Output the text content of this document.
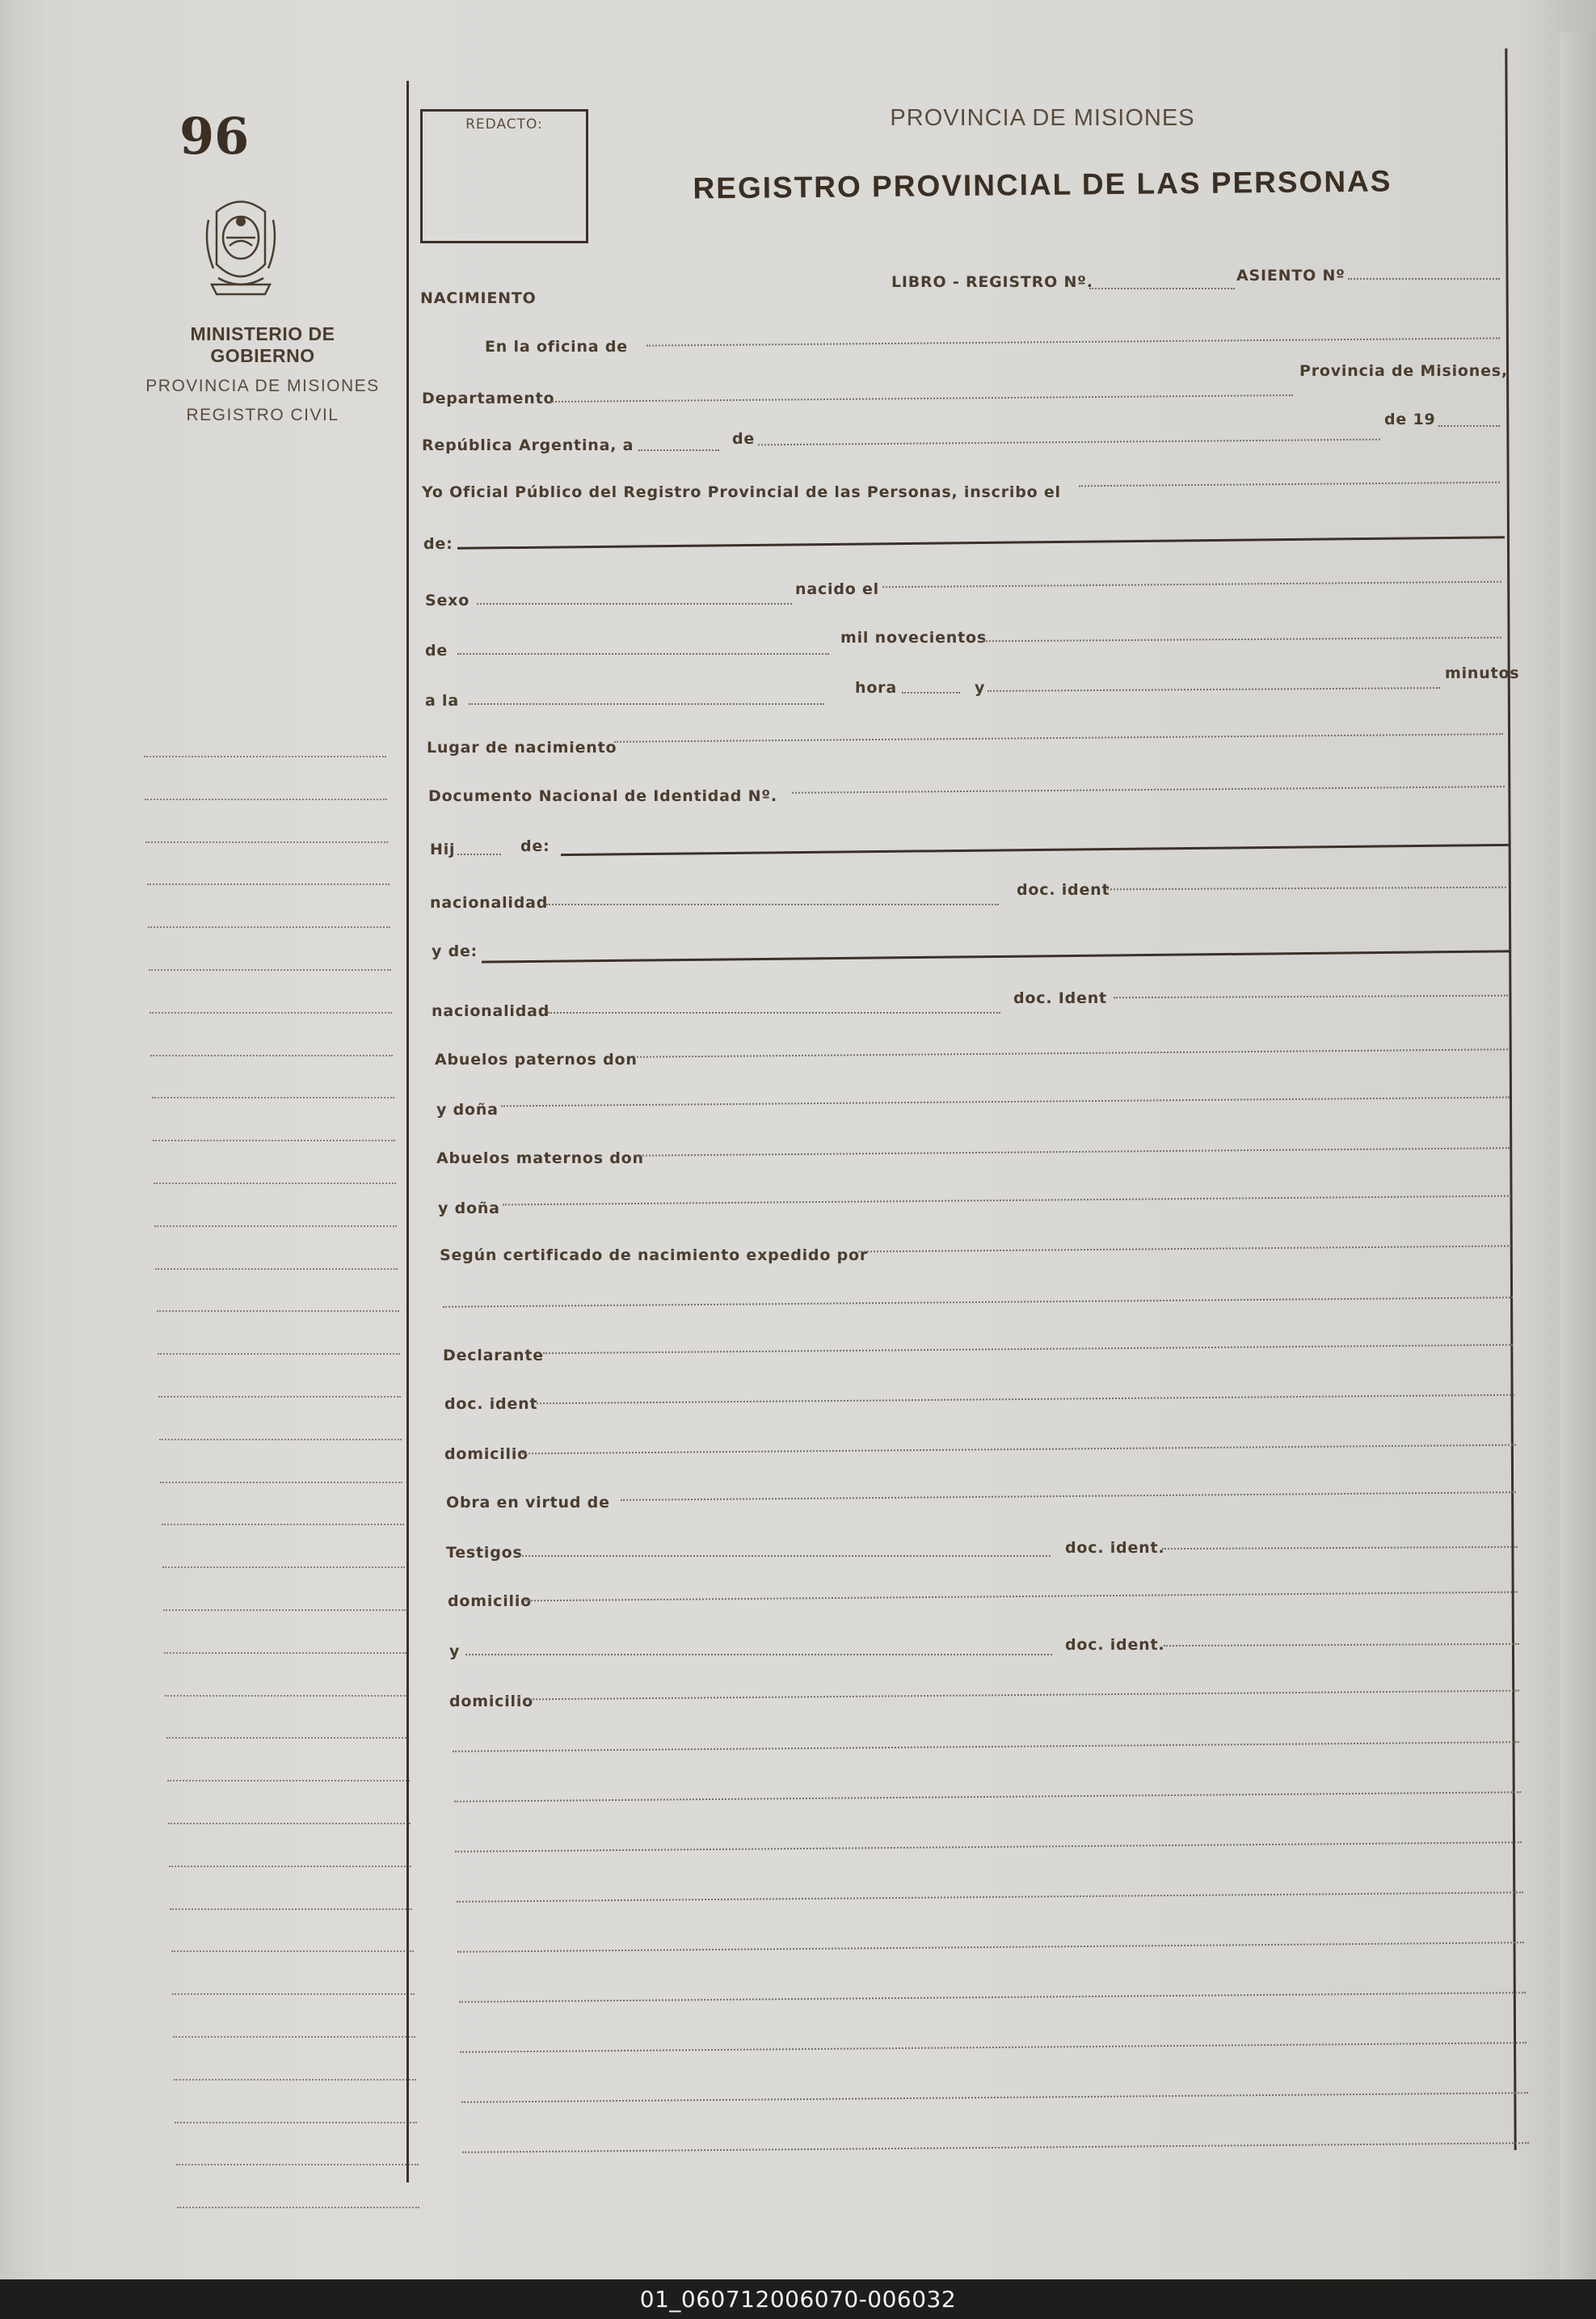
96
MINISTERIO DE GOBIERNO
PROVINCIA DE MISIONES
REGISTRO CIVIL
REDACTO:	PROVINCIA DE MISIONES
REGISTRO PROVINCIAL DE LAS PERSONAS
NACIMIENTO
LIBRO - REGISTRO Nº.	ASIENTO Nº
En la oficina de
Departamento
Provincia de Misiones,
República Argentina, a	de
de 19
Yo Oficial Público del Registro Provincial de las Personas, inscribo el
de:
Sexo
nacido el
de
mil novecientos
a la
hora	y
minutos
Lugar de nacimiento
Documento Nacional de Identidad Nº.
Hij	de:
nacionalidad
doc. ident
y de:
nacionalidad
doc. Ident
Abuelos paternos don
y doña
Abuelos maternos don
y doña
Según certificado de nacimiento expedido por
Declarante
doc. ident
domicilio
Obra en virtud de
Testigos	doc. ident.
domicilio
y	doc. ident.
domicilio
01_060712006070-006032
